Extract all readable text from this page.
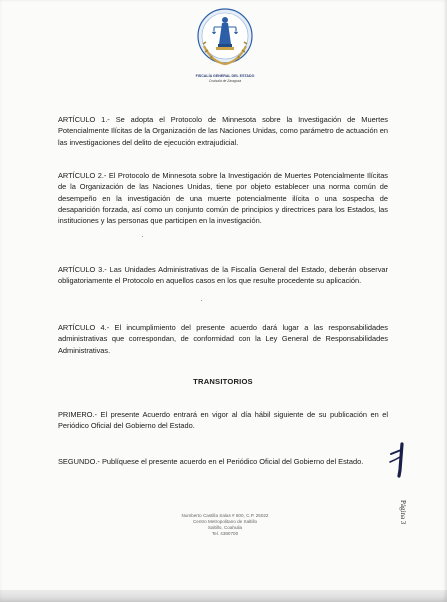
FISCALÍA GENERAL DEL ESTADO
Coahuila de Zaragoza
ARTÍCULO 1.- Se adopta el Protocolo de Minnesota sobre la Investigación de Muertes Potencialmente Ilícitas de la Organización de las Naciones Unidas, como parámetro de actuación en las investigaciones del delito de ejecución extrajudicial.
ARTÍCULO 2.- El Protocolo de Minnesota sobre la Investigación de Muertes Potencialmente Ilícitas de la Organización de las Naciones Unidas, tiene por objeto establecer una norma común de desempeño en la investigación de una muerte potencialmente ilícita o una sospecha de desaparición forzada, así como un conjunto común de principios y directrices para los Estados, las instituciones y las personas que participen en la investigación.
ARTÍCULO 3.- Las Unidades Administrativas de la Fiscalía General del Estado, deberán observar obligatoriamente el Protocolo en aquellos casos en los que resulte procedente su aplicación.
ARTÍCULO 4.- El incumplimiento del presente acuerdo dará lugar a las responsabilidades administrativas que correspondan, de conformidad con la Ley General de Responsabilidades Administrativas.
TRANSITORIOS
PRIMERO.- El presente Acuerdo entrará en vigor al día hábil siguiente de su publicación en el Periódico Oficial del Gobierno del Estado.
SEGUNDO.- Publíquese el presente acuerdo en el Periódico Oficial del Gobierno del Estado.
Página 3
Numberto Castilla Salas # 600, C.P. 25022
Centro Metropolitano de Saltillo
Saltillo, Coahuila
Tel. 4380700
